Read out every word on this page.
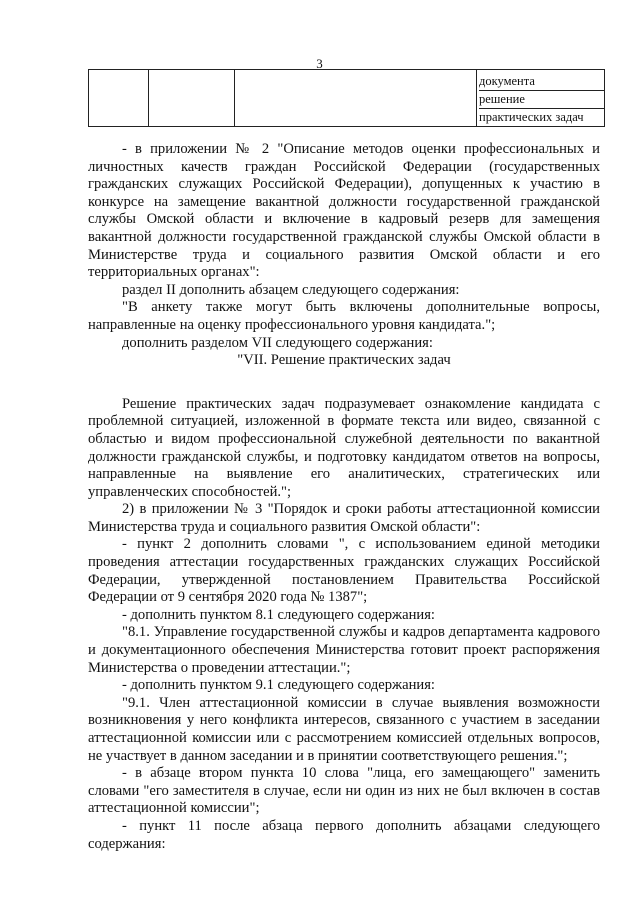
3

документа
решение
практических задач

- в приложении № 2 "Описание методов оценки профессиональных и личностных качеств граждан Российской Федерации (государственных гражданских служащих Российской Федерации), допущенных к участию в конкурсе на замещение вакантной должности государственной гражданской службы Омской области и включение в кадровый резерв для замещения вакантной должности государственной гражданской службы Омской области в Министерстве труда и социального развития Омской области и его территориальных органах":

раздел II дополнить абзацем следующего содержания:

"В анкету также могут быть включены дополнительные вопросы, направленные на оценку профессионального уровня кандидата.";

дополнить разделом VII следующего содержания:

"VII. Решение практических задач

Решение практических задач подразумевает ознакомление кандидата с проблемной ситуацией, изложенной в формате текста или видео, связанной с областью и видом профессиональной служебной деятельности по вакантной должности гражданской службы, и подготовку кандидатом ответов на вопросы, направленные на выявление его аналитических, стратегических или управленческих способностей.";

2) в приложении № 3 "Порядок и сроки работы аттестационной комиссии Министерства труда и социального развития Омской области":

- пункт 2 дополнить словами ", с использованием единой методики проведения аттестации государственных гражданских служащих Российской Федерации, утвержденной постановлением Правительства Российской Федерации от 9 сентября 2020 года № 1387";

- дополнить пунктом 8.1 следующего содержания:

"8.1. Управление государственной службы и кадров департамента кадрового и документационного обеспечения Министерства готовит проект распоряжения Министерства о проведении аттестации.";

- дополнить пунктом 9.1 следующего содержания:

"9.1. Член аттестационной комиссии в случае выявления возможности возникновения у него конфликта интересов, связанного с участием в заседании аттестационной комиссии или с рассмотрением комиссией отдельных вопросов, не участвует в данном заседании и в принятии соответствующего решения.";

- в абзаце втором пункта 10 слова "лица, его замещающего" заменить словами "его заместителя в случае, если ни один из них не был включен в состав аттестационной комиссии";

- пункт 11 после абзаца первого дополнить абзацами следующего содержания:
